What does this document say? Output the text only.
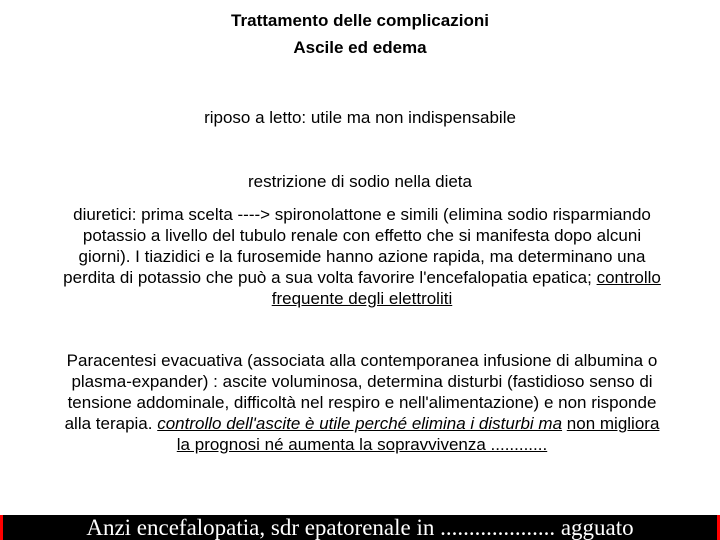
Trattamento delle complicazioni
Ascile ed edema
riposo a letto: utile ma non indispensabile
restrizione di sodio nella dieta
diuretici: prima scelta ----> spironolattone e simili (elimina sodio risparmiando potassio a livello del tubulo renale con effetto che si manifesta dopo alcuni giorni). I tiazidici e la furosemide hanno azione rapida, ma determinano una perdita di potassio che può a sua volta favorire l'encefalopatia epatica; controllo frequente degli elettroliti
Paracentesi evacuativa (associata alla contemporanea infusione di albumina o plasma-expander) : ascite voluminosa, determina disturbi (fastidioso senso di tensione addominale, difficoltà nel respiro e nell'alimentazione) e non risponde alla terapia. controllo dell'ascite è utile perché elimina i disturbi ma non migliora la prognosi né aumenta la sopravvivenza ............
Anzi encefalopatia, sdr epatorenale in .................... agguato
